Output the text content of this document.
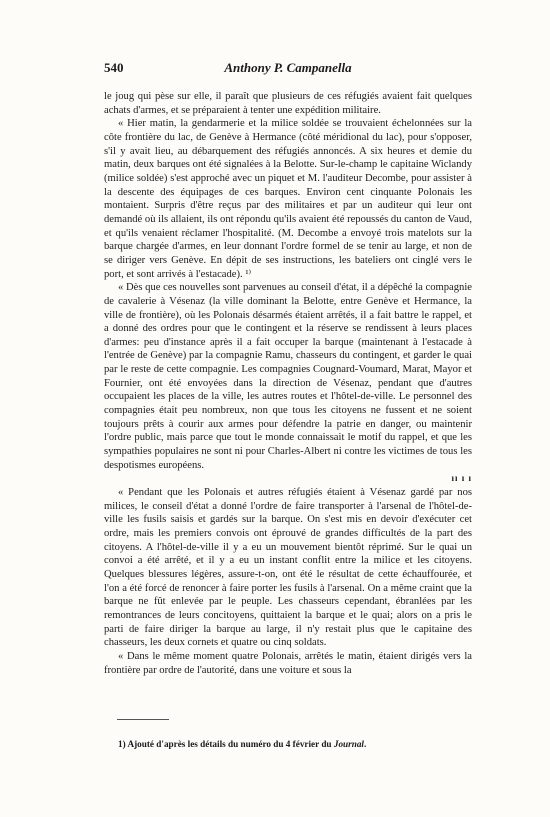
540	Anthony P. Campanella

le joug qui pèse sur elle, il paraît que plusieurs de ces réfugiés avaient fait quelques achats d'armes, et se préparaient à tenter une expédition militaire.

« Hier matin, la gendarmerie et la milice soldée se trouvaient échelonnées sur la côte frontière du lac, de Genève à Hermance (côté méridional du lac), pour s'opposer, s'il y avait lieu, au débarquement des réfugiés annoncés. A six heures et demie du matin, deux barques ont été signalées à la Belotte. Sur-le-champ le capitaine Wiclandy (milice soldée) s'est approché avec un piquet et M. l'auditeur Decombe, pour assister à la descente des équipages de ces barques. Environ cent cinquante Polonais les montaient. Surpris d'être reçus par des militaires et par un auditeur qui leur ont demandé où ils allaient, ils ont répondu qu'ils avaient été repoussés du canton de Vaud, et qu'ils venaient réclamer l'hospitalité. (M. Decombe a envoyé trois matelots sur la barque chargée d'armes, en leur donnant l'ordre formel de se tenir au large, et non de se diriger vers Genève. En dépit de ses instructions, les bateliers ont cinglé vers le port, et sont arrivés à l'estacade). ¹⁾

« Dès que ces nouvelles sont parvenues au conseil d'état, il a dépêché la compagnie de cavalerie à Vésenaz (la ville dominant la Belotte, entre Genève et Hermance, la ville de frontière), où les Polonais désarmés étaient arrêtés, il a fait battre le rappel, et a donné des ordres pour que le contingent et la réserve se rendissent à leurs places d'armes: peu d'instance après il a fait occuper la barque (maintenant à l'estacade à l'entrée de Genève) par la compagnie Ramu, chasseurs du contingent, et garder le quai par le reste de cette compagnie. Les compagnies Cougnard-Voumard, Marat, Mayor et Fournier, ont été envoyées dans la direction de Vésenaz, pendant que d'autres occupaient les places de la ville, les autres routes et l'hôtel-de-ville. Le personnel des compagnies était peu nombreux, non que tous les citoyens ne fussent et ne soient toujours prêts à courir aux armes pour défendre la patrie en danger, ou maintenir l'ordre public, mais parce que tout le monde connaissait le motif du rappel, et que les sympathies populaires ne sont ni pour Charles-Albert ni contre les victimes de tous les despotismes européens.

ıı ı ı

« Pendant que les Polonais et autres réfugiés étaient à Vésenaz gardé par nos milices, le conseil d'état a donné l'ordre de faire transporter à l'arsenal de l'hôtel-de-ville les fusils saisis et gardés sur la barque. On s'est mis en devoir d'exécuter cet ordre, mais les premiers convois ont éprouvé de grandes difficultés de la part des citoyens. A l'hôtel-de-ville il y a eu un mouvement bientôt réprimé. Sur le quai un convoi a été arrêté, et il y a eu un instant conflit entre la milice et les citoyens. Quelques blessures légères, assure-t-on, ont été le résultat de cette échauffourée, et l'on a été forcé de renoncer à faire porter les fusils à l'arsenal. On a même craint que la barque ne fût enlevée par le peuple. Les chasseurs cependant, ébranlées par les remontrances de leurs concitoyens, quittaient la barque et le quai; alors on a pris le parti de faire diriger la barque au large, il n'y restait plus que le capitaine des chasseurs, les deux cornets et quatre ou cinq soldats.

« Dans le même moment quatre Polonais, arrêtés le matin, étaient dirigés vers la frontière par ordre de l'autorité, dans une voiture et sous la

1) Ajouté d'après les détails du numéro du 4 février du Journal.
